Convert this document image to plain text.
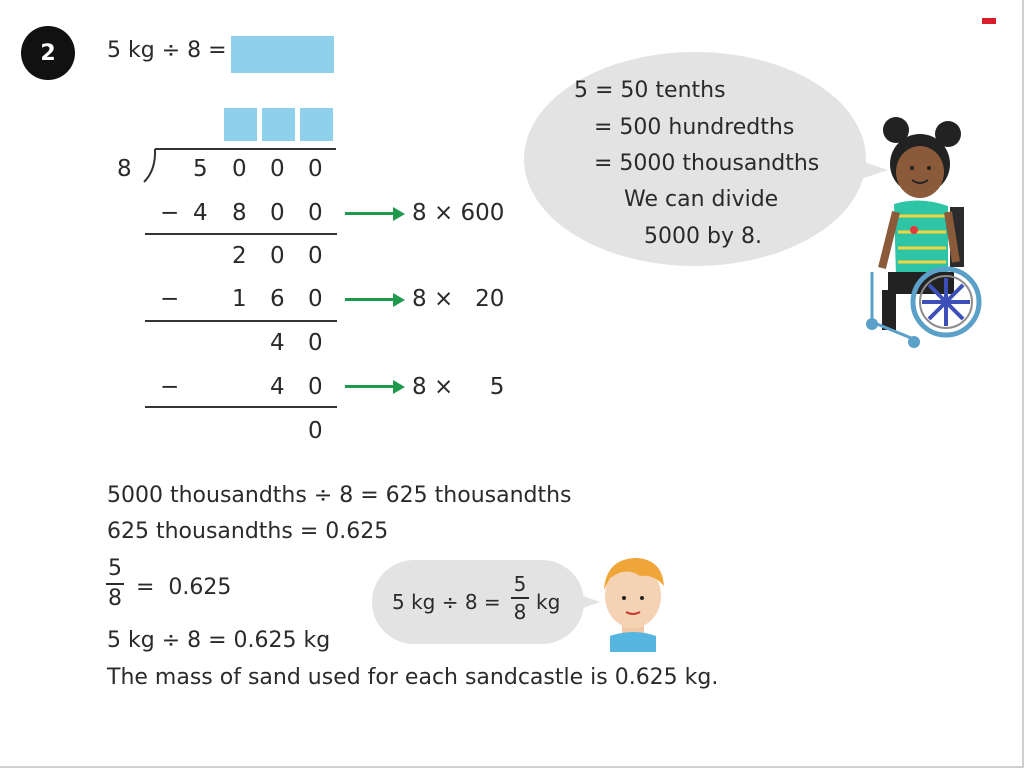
2	5 kg ÷ 8 =
8	5 0 0 0
− 4 8 0 0	8 × 600
2 0 0
− 1 6 0	8 ×   20
4 0
−	4 0	8 ×     5
0
5 = 50 tenths
= 500 hundredths
= 5000 thousandths
We can divide
5000 by 8.
5000 thousandths ÷ 8 = 625 thousandths
625 thousandths = 0.625
5
8 =  0.625
5 kg ÷ 8 = 0.625 kg
The mass of sand used for each sandcastle is 0.625 kg.
5 kg ÷ 8 =
5
8 kg
